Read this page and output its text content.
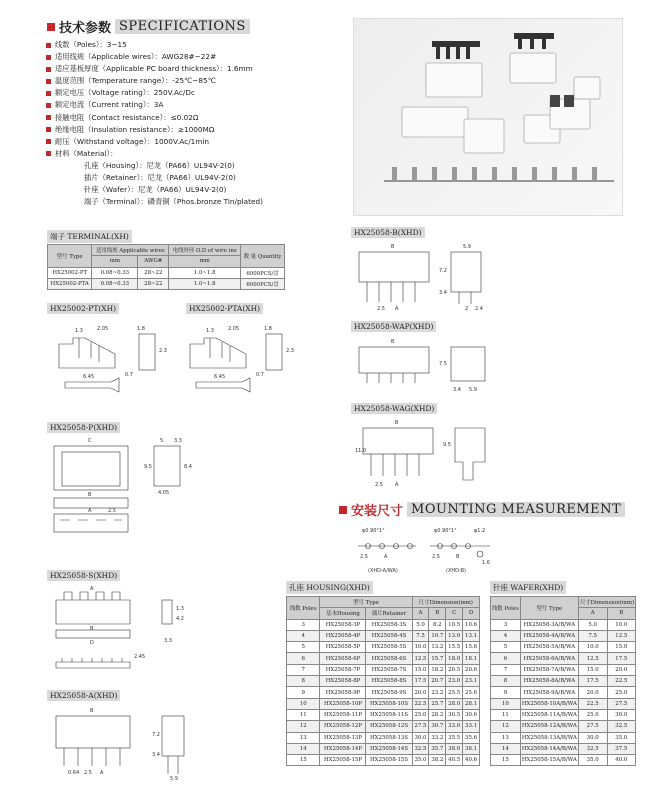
技术参数 SPECIFICATIONS
线数（Poles）：3~15
适用线规（Applicable wires）：AWG28#~22#
适应基板厚度（Applicable PC board thickness）：1.6mm
温度范围（Temperature range）：-25℃~85℃
额定电压（Voltage rating）：250V.Ac/Dc
额定电流（Current rating）：3A
接触电阻（Contact resistance）：≤0.02Ω
绝缘电阻（Insulation resistance）：≥1000MΩ
耐压（Withstand voltage）：1000V.Ac/1min
材料（Material）：
孔座（Housing）：尼龙（PA66）UL94V-2(0)
插片（Retainer）：尼龙（PA66）UL94V-2(0)
针座（Wafer）：尼龙（PA66）UL94V-2(0)
端子（Terminal）：磷青铜（Phos.bronze Tin/plated)
端子 TERMINAL(XH)
型号 Type	适用线规 Applicable wires		电线外径 O.D of wire ins	数 量 Quantity
	mm	AWG#	mm	
HX25002-PT	0.08~0.33	28~22	1.0~1.8	6000PCS/盘
HX25002-PTA	0.08~0.33	28~22	1.0~1.8	6000PCS/盘
HX25002-PT(XH)	HX25002-PTA(XH)
HX25058-P(XHD)
HX25058-S(XHD)
HX25058-A(XHD)
HX25058-B(XHD)
HX25058-WAP(XHD)
HX25058-WAG(XHD)
1.3	2.05	1.8
2.3
6.45	0.7
1.3	2.05	1.8
2.3
6.45	0.7
C	5 3.3
9.5	8.4
4.05
B
A	2.5
A
1.3
4.2
B
D	3.3
2.45
B
7.2
3.4
0.64 2.5 A
5.9
B	5.9
7.2
3.4
2.5 A	2 2.4
B
7.5
3.4 5.9
B
11.0
9.5
2.5 A
安装尺寸 MOUNTING MEASUREMENT
φ0.90°1°
2.5	A
φ0.90°1°	φ1.2
2.5	B
1.6
(XHD-A/WA)	(XHD-B)
孔座 HOUSING(XHD)
线数 Poles	型号 Type		尺寸Dimension(mm)			
	基本Housing	插片Retainer	A	B	C	D
3	HX25058-3P	HX25058-3S	5.0	8.2	10.5	10.6
4	HX25058-4P	HX25058-4S	7.5	10.7	13.0	13.1
5	HX25058-5P	HX25058-5S	10.0	13.2	15.5	15.6
6	HX25058-6P	HX25058-6S	12.5	15.7	18.0	18.1
7	HX25058-7P	HX25058-7S	15.0	18.2	20.5	20.6
8	HX25058-8P	HX25058-8S	17.5	20.7	23.0	23.1
9	HX25058-9P	HX25058-9S	20.0	23.2	25.5	25.6
10	HX25058-10P	HX25058-10S	22.5	25.7	28.0	28.1
11	HX25058-11P	HX25058-11S	25.0	28.2	30.5	30.6
12	HX25058-12P	HX25058-12S	27.5	30.7	33.0	33.1
13	HX25058-13P	HX25058-13S	30.0	33.2	35.5	35.6
14	HX25058-14P	HX25058-14S	32.5	35.7	38.0	38.1
15	HX25058-15P	HX25058-15S	35.0	38.2	40.5	40.6
针座 WAFER(XHD)
线数 Poles	型号 Type	尺寸Dimension(mm)	
		A	B
3	HX25058-3A/B/WA	5.0	10.0
4	HX25058-4A/B/WA	7.5	12.5
5	HX25058-5A/B/WA	10.0	15.0
6	HX25058-6A/B/WA	12.5	17.5
7	HX25058-7A/B/WA	15.0	20.0
8	HX25058-8A/B/WA	17.5	22.5
9	HX25058-9A/B/WA	20.0	25.0
10	HX25058-10A/B/WA	22.5	27.5
11	HX25058-11A/B/WA	25.0	30.0
12	HX25058-12A/B/WA	27.5	32.5
13	HX25058-13A/B/WA	30.0	35.0
14	HX25058-14A/B/WA	32.5	37.5
15	HX25058-15A/B/WA	35.0	40.0
